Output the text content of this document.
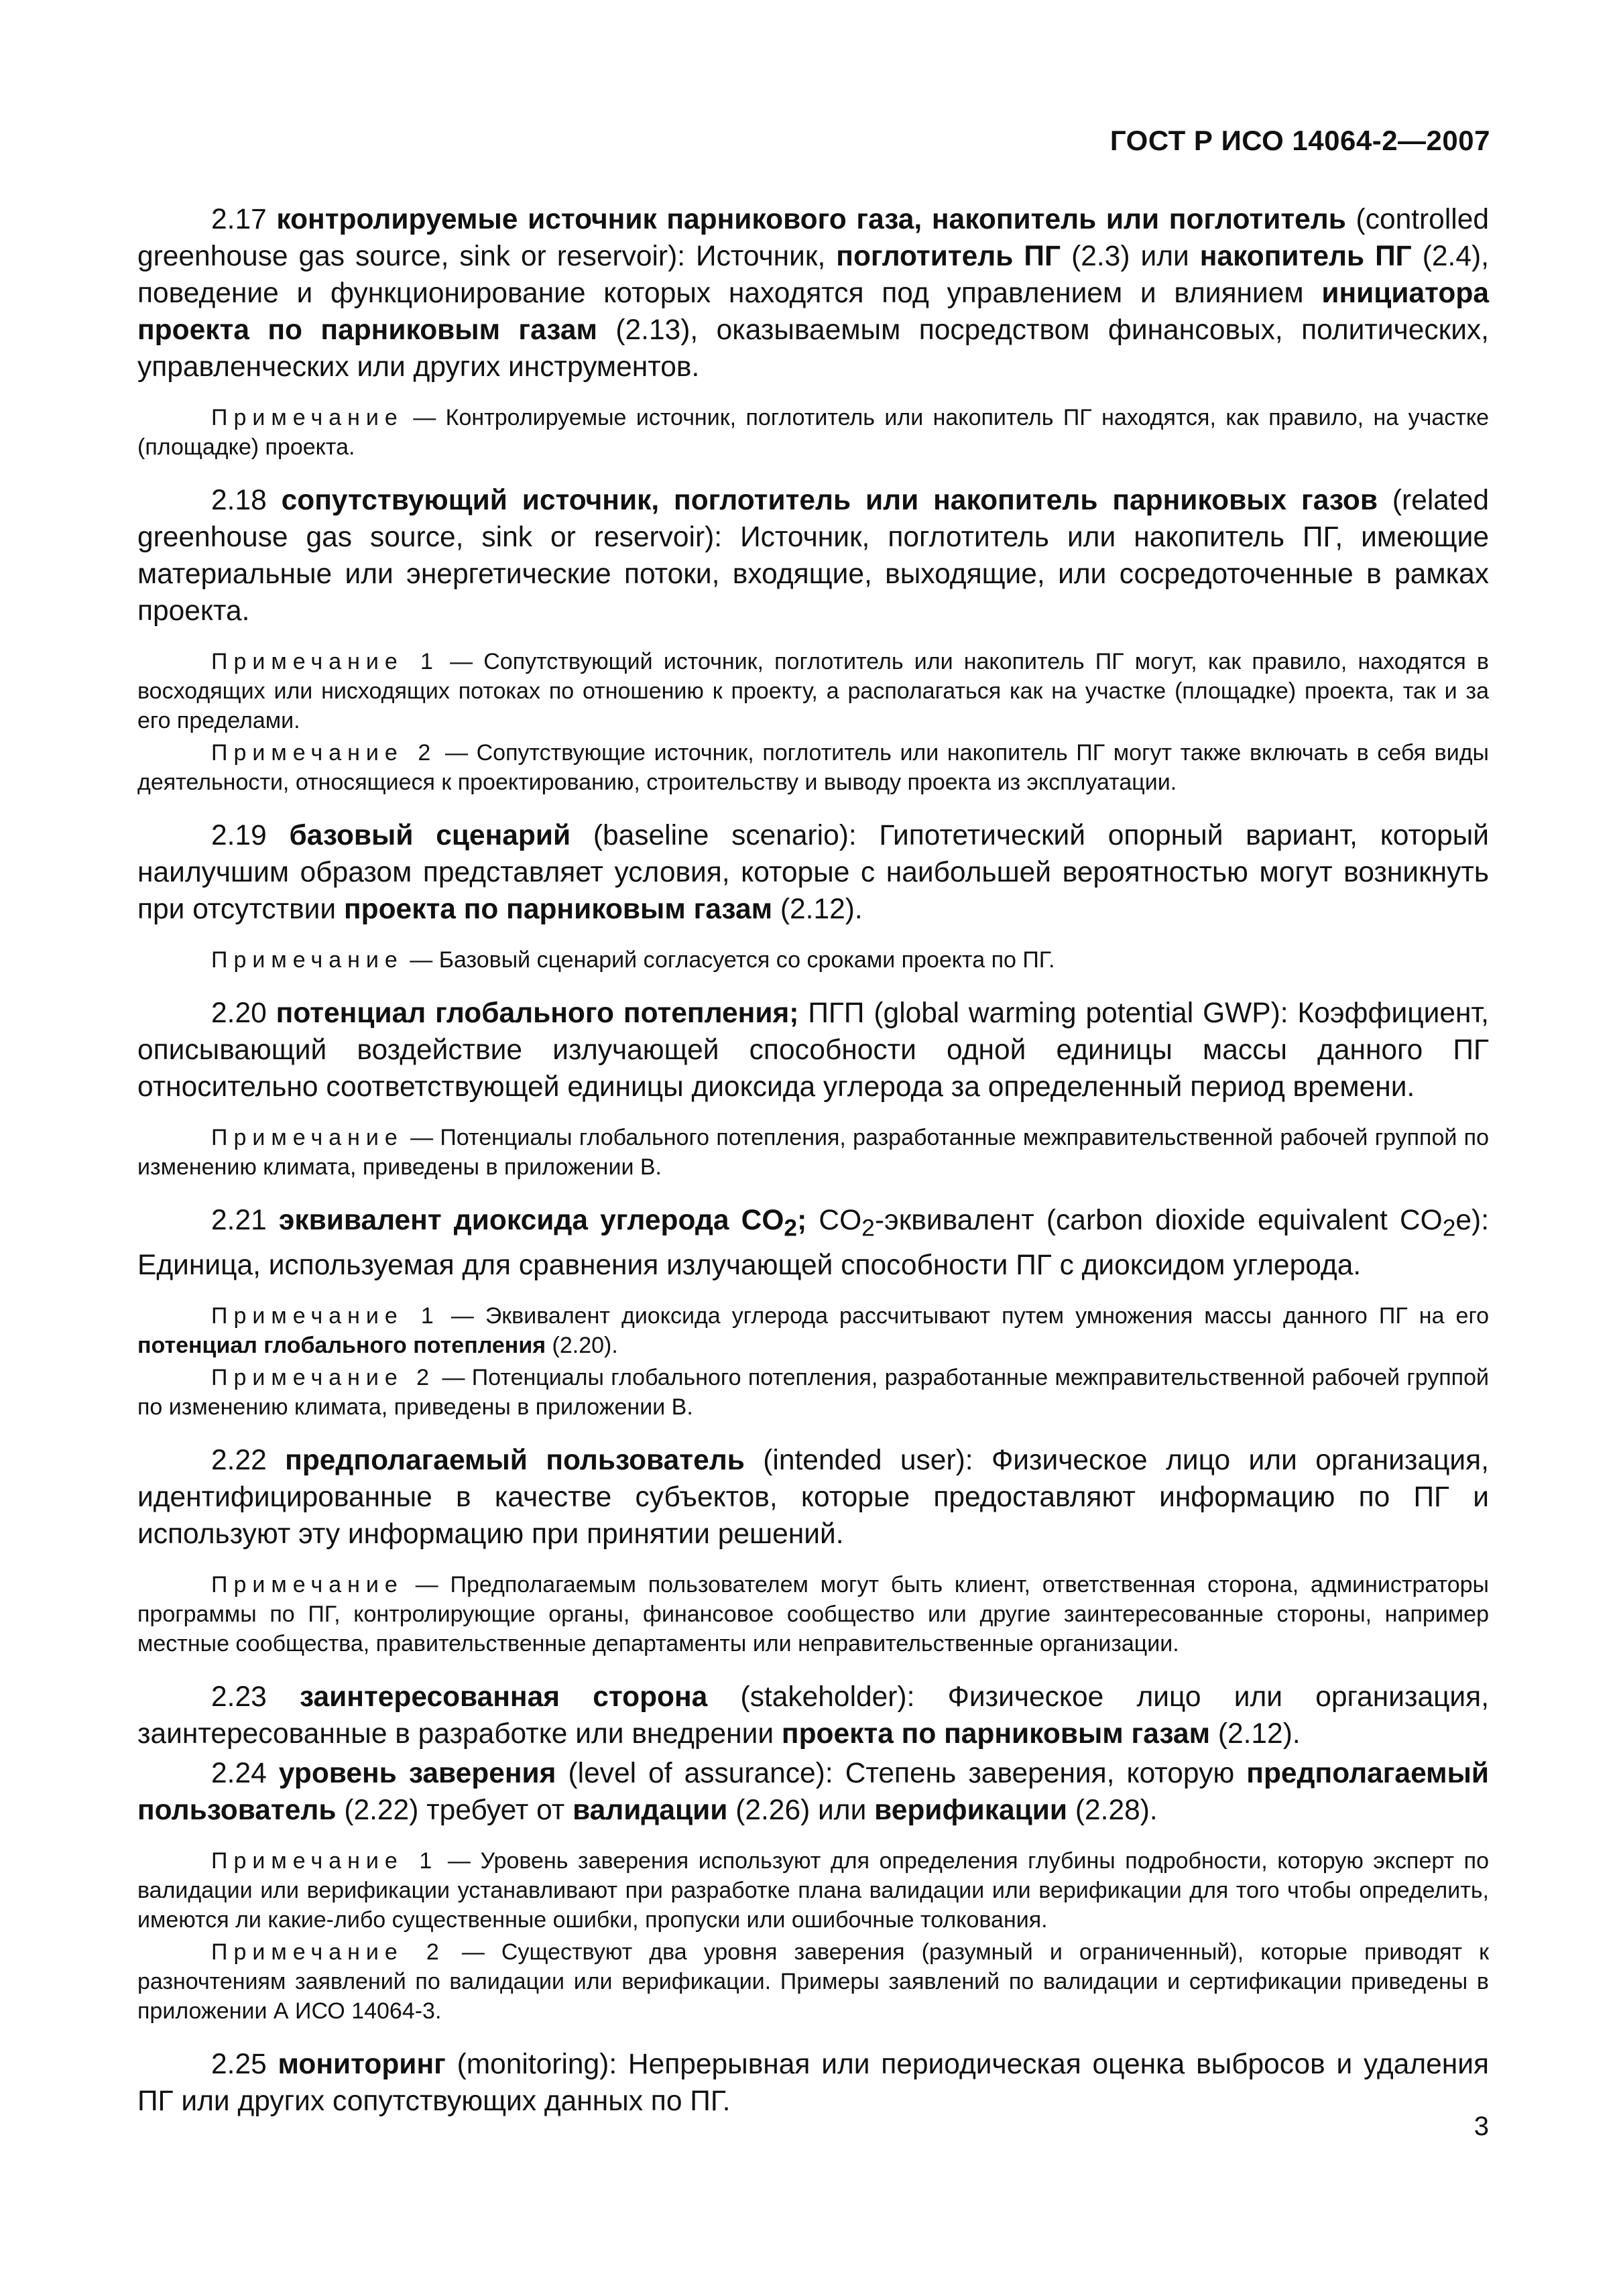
ГОСТ Р ИСО 14064-2—2007

2.17 контролируемые источник парникового газа, накопитель или поглотитель (controlled greenhouse gas source, sink or reservoir): Источник, поглотитель ПГ (2.3) или накопитель ПГ (2.4), поведение и функционирование которых находятся под управлением и влиянием инициатора проекта по парниковым газам (2.13), оказываемым посредством финансовых, политических, управленческих или других инструментов.

Примечание — Контролируемые источник, поглотитель или накопитель ПГ находятся, как правило, на участке (площадке) проекта.

2.18 сопутствующий источник, поглотитель или накопитель парниковых газов (related greenhouse gas source, sink or reservoir): Источник, поглотитель или накопитель ПГ, имеющие материальные или энергетические потоки, входящие, выходящие, или сосредоточенные в рамках проекта.

Примечание 1 — Сопутствующий источник, поглотитель или накопитель ПГ могут, как правило, находятся в восходящих или нисходящих потоках по отношению к проекту, а располагаться как на участке (площадке) проекта, так и за его пределами.

Примечание 2 — Сопутствующие источник, поглотитель или накопитель ПГ могут также включать в себя виды деятельности, относящиеся к проектированию, строительству и выводу проекта из эксплуатации.

2.19 базовый сценарий (baseline scenario): Гипотетический опорный вариант, который наилучшим образом представляет условия, которые с наибольшей вероятностью могут возникнуть при отсутствии проекта по парниковым газам (2.12).

Примечание — Базовый сценарий согласуется со сроками проекта по ПГ.

2.20 потенциал глобального потепления; ПГП (global warming potential GWP): Коэффициент, описывающий воздействие излучающей способности одной единицы массы данного ПГ относительно соответствующей единицы диоксида углерода за определенный период времени.

Примечание — Потенциалы глобального потепления, разработанные межправительственной рабочей группой по изменению климата, приведены в приложении В.

2.21 эквивалент диоксида углерода $CO_2$; $CO_2$-эквивалент (carbon dioxide equivalent $CO_2e$): Единица, используемая для сравнения излучающей способности ПГ с диоксидом углерода.

Примечание 1 — Эквивалент диоксида углерода рассчитывают путем умножения массы данного ПГ на его потенциал глобального потепления (2.20).

Примечание 2 — Потенциалы глобального потепления, разработанные межправительственной рабочей группой по изменению климата, приведены в приложении В.

2.22 предполагаемый пользователь (intended user): Физическое лицо или организация, идентифицированные в качестве субъектов, которые предоставляют информацию по ПГ и используют эту информацию при принятии решений.

Примечание — Предполагаемым пользователем могут быть клиент, ответственная сторона, администраторы программы по ПГ, контролирующие органы, финансовое сообщество или другие заинтересованные стороны, например местные сообщества, правительственные департаменты или неправительственные организации.

2.23 заинтересованная сторона (stakeholder): Физическое лицо или организация, заинтересованные в разработке или внедрении проекта по парниковым газам (2.12).

2.24 уровень заверения (level of assurance): Степень заверения, которую предполагаемый пользователь (2.22) требует от валидации (2.26) или верификации (2.28).

Примечание 1 — Уровень заверения используют для определения глубины подробности, которую эксперт по валидации или верификации устанавливают при разработке плана валидации или верификации для того чтобы определить, имеются ли какие-либо существенные ошибки, пропуски или ошибочные толкования.

Примечание 2 — Существуют два уровня заверения (разумный и ограниченный), которые приводят к разночтениям заявлений по валидации или верификации. Примеры заявлений по валидации и сертификации приведены в приложении А ИСО 14064-3.

2.25 мониторинг (monitoring): Непрерывная или периодическая оценка выбросов и удаления ПГ или других сопутствующих данных по ПГ.

3
